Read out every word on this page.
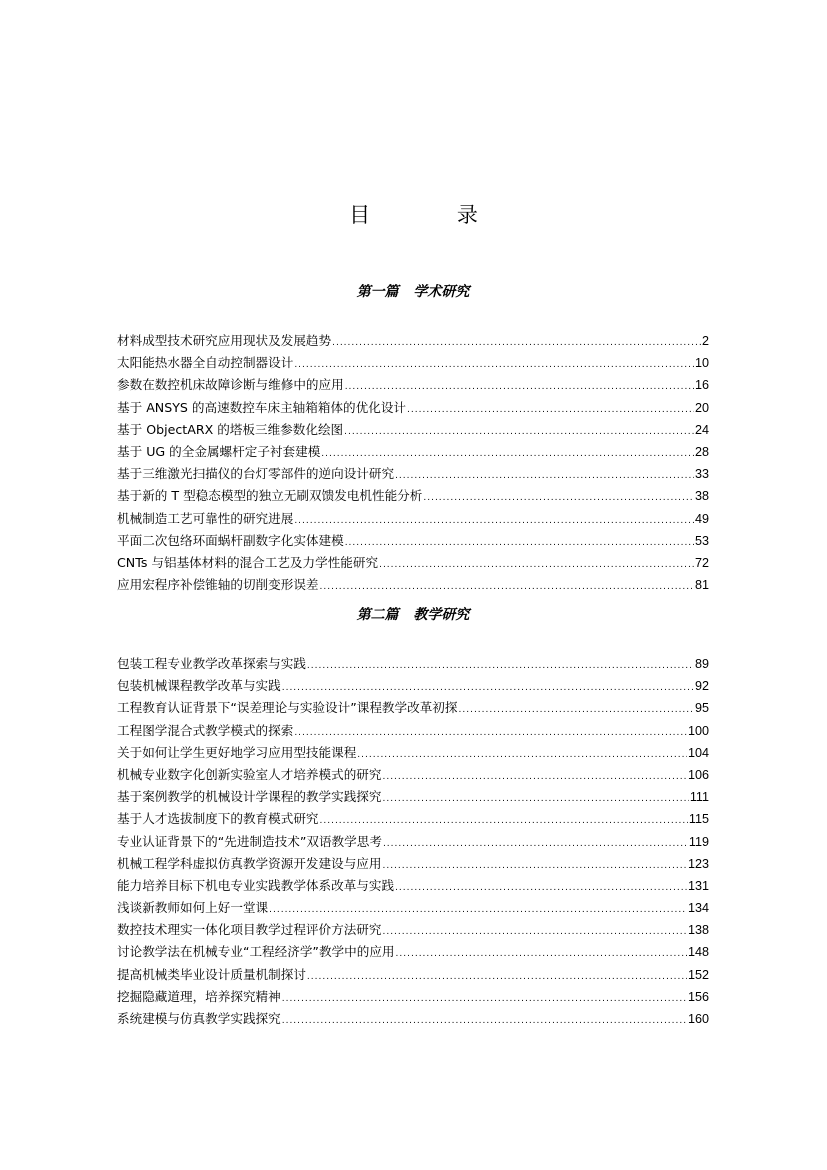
目 录
第一篇 学术研究
材料成型技术研究应用现状及发展趋势 .....	2
太阳能热水器全自动控制器设计 .....	10
参数在数控机床故障诊断与维修中的应用 .....	16
基于 ANSYS 的高速数控车床主轴箱箱体的优化设计 .....	20
基于 ObjectARX 的塔板三维参数化绘图 .....	24
基于 UG 的全金属螺杆定子衬套建模 .....	28
基于三维激光扫描仪的台灯零部件的逆向设计研究 .....	33
基于新的 T 型稳态模型的独立无刷双馈发电机性能分析 .....	38
机械制造工艺可靠性的研究进展 .....	49
平面二次包络环面蜗杆副数字化实体建模 .....	53
CNTs 与铝基体材料的混合工艺及力学性能研究 .....	72
应用宏程序补偿锥轴的切削变形误差 .....	81
第二篇 教学研究
包装工程专业教学改革探索与实践 .....	89
包装机械课程教学改革与实践 .....	92
工程教育认证背景下“误差理论与实验设计”课程教学改革初探 .....	95
工程图学混合式教学模式的探索 .....	100
关于如何让学生更好地学习应用型技能课程 .....	104
机械专业数字化创新实验室人才培养模式的研究 .....	106
基于案例教学的机械设计学课程的教学实践探究 .....	111
基于人才选拔制度下的教育模式研究 .....	115
专业认证背景下的“先进制造技术”双语教学思考 .....	119
机械工程学科虚拟仿真教学资源开发建设与应用 .....	123
能力培养目标下机电专业实践教学体系改革与实践 .....	131
浅谈新教师如何上好一堂课 .....	134
数控技术理实一体化项目教学过程评价方法研究 .....	138
讨论教学法在机械专业“工程经济学”教学中的应用 .....	148
提高机械类毕业设计质量机制探讨 .....	152
挖掘隐藏道理，培养探究精神 .....	156
系统建模与仿真教学实践探究 .....	160
